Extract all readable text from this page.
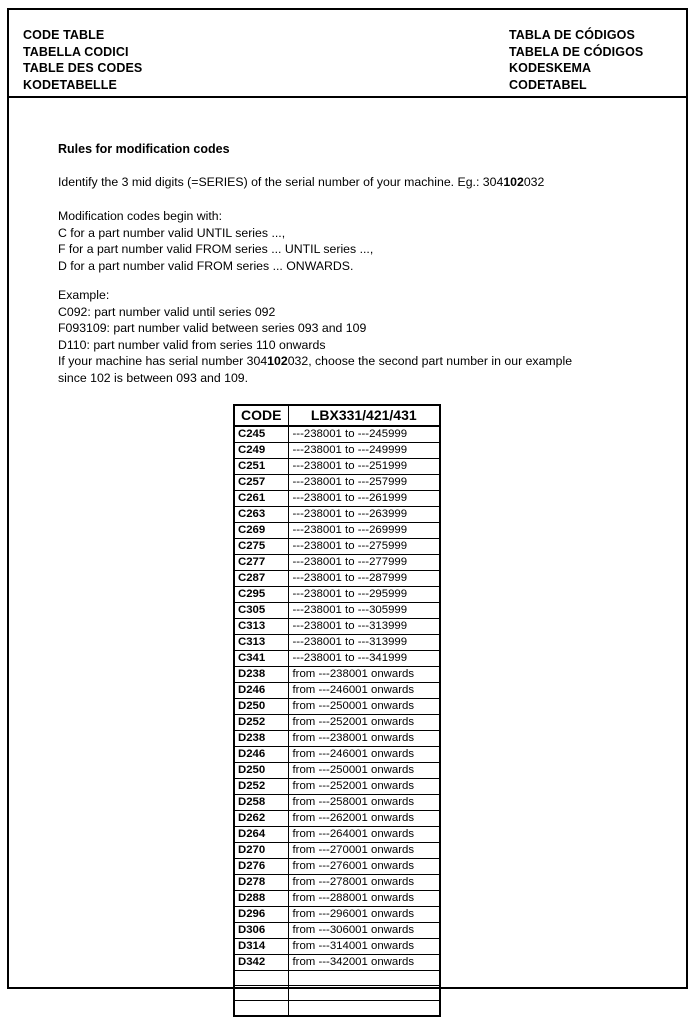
CODE TABLE
TABELLA CODICI
TABLE DES CODES
KODETABELLE
TABLA DE CÓDIGOS
TABELA DE CÓDIGOS
KODESKEMA
CODETABEL
Rules for modification codes
Identify the 3 mid digits (=SERIES) of the serial number of your machine. Eg.: 304102032
Modification codes begin with:
C for a part number valid UNTIL series ...,
F for a part number valid FROM series ... UNTIL series ...,
D for a part number valid FROM series ... ONWARDS.
Example:
C092: part number valid until series 092
F093109: part number valid between series 093 and 109
D110: part number valid from series 110 onwards
If your machine has serial number 304102032, choose the second part number in our example since 102 is between 093 and 109.
CODE	LBX331/421/431
C245	---238001 to ---245999
C249	---238001 to ---249999
C251	---238001 to ---251999
C257	---238001 to ---257999
C261	---238001 to ---261999
C263	---238001 to ---263999
C269	---238001 to ---269999
C275	---238001 to ---275999
C277	---238001 to ---277999
C287	---238001 to ---287999
C295	---238001 to ---295999
C305	---238001 to ---305999
C313	---238001 to ---313999
C313	---238001 to ---313999
C341	---238001 to ---341999
D238	from ---238001 onwards
D246	from ---246001 onwards
D250	from ---250001 onwards
D252	from ---252001 onwards
D238	from ---238001 onwards
D246	from ---246001 onwards
D250	from ---250001 onwards
D252	from ---252001 onwards
D258	from ---258001 onwards
D262	from ---262001 onwards
D264	from ---264001 onwards
D270	from ---270001 onwards
D276	from ---276001 onwards
D278	from ---278001 onwards
D288	from ---288001 onwards
D296	from ---296001 onwards
D306	from ---306001 onwards
D314	from ---314001 onwards
D342	from ---342001 onwards
